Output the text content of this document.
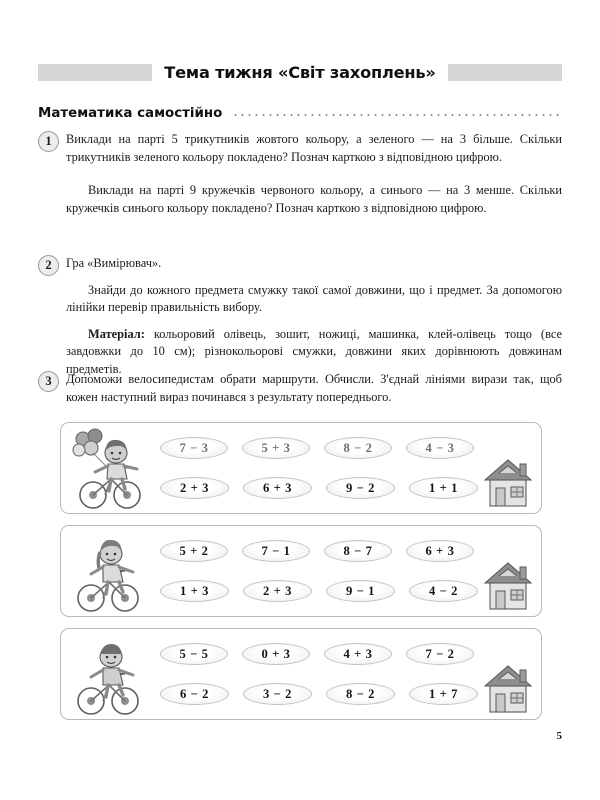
Тема тижня «Світ захоплень»
Математика самостійно
1	Виклади на парті 5 трикутників жовтого кольору, а зеленого — на 3 більше. Скільки трикутників зеленого кольору покладено? Познач карткою з відповідною цифрою.

Виклади на парті 9 кружечків червоного кольору, а синього — на 3 менше. Скільки кружечків синього кольору покладено? Познач карткою з відповідною цифрою.

2	Гра «Вимірювач».

Знайди до кожного предмета смужку такої самої довжини, що і предмет. За допомогою лінійки перевір правильність вибору.

Матеріал: кольоровий олівець, зошит, ножиці, машинка, клей-олівець тощо (все завдовжки до 10 см); різнокольорові смужки, довжини яких дорівнюють довжинам предметів.

3	Допоможи велосипедистам обрати маршрути. Обчисли. З'єднай лініями вирази так, щоб кожен наступний вираз починався з результату попереднього.

7 − 3	5 + 3	8 − 2	4 − 3
2 + 3	6 + 3	9 − 2	1 + 1
5 + 2	7 − 1	8 − 7	6 + 3
1 + 3	2 + 3	9 − 1	4 − 2
5 − 5	0 + 3	4 + 3	7 − 2
6 − 2	3 − 2	8 − 2	1 + 7
5
